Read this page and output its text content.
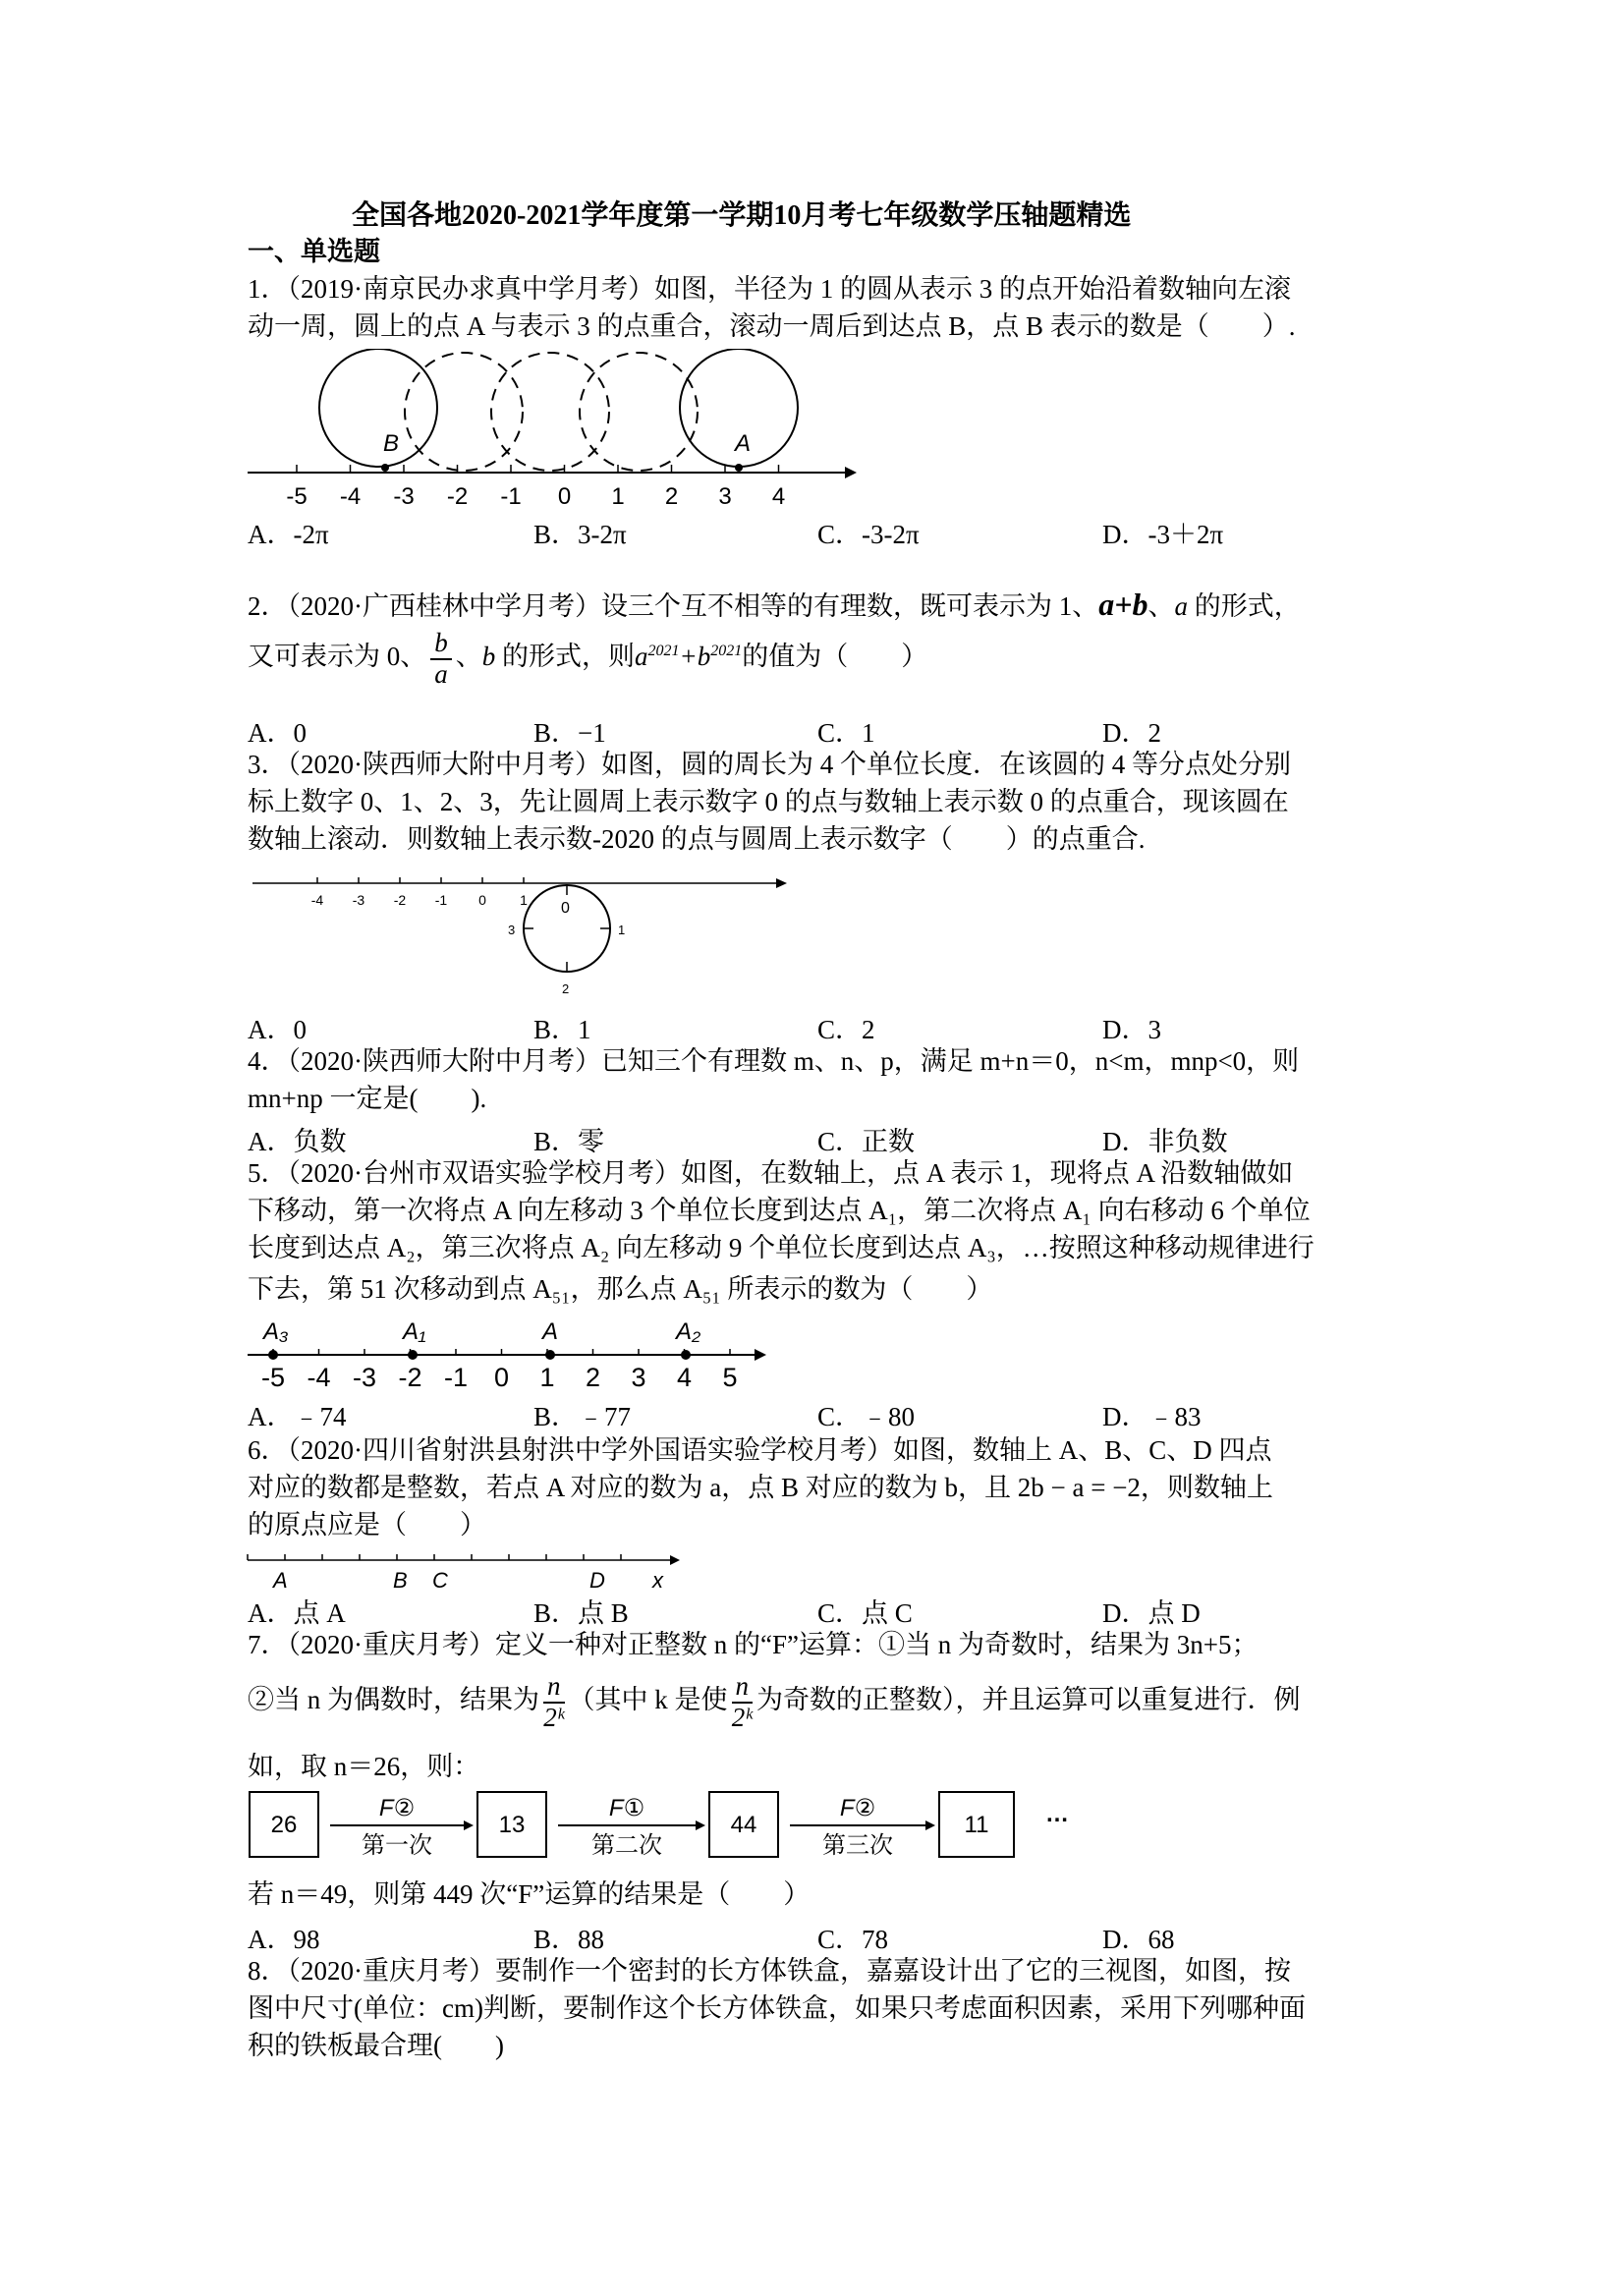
全国各地2020-2021学年度第一学期10月考七年级数学压轴题精选
一、单选题
1．（2019·南京民办求真中学月考）如图，半径为 1 的圆从表示 3 的点开始沿着数轴向左滚
动一周，圆上的点 A 与表示 3 的点重合，滚动一周后到达点 B，点 B 表示的数是（　　）.
-5 -4 -3 -2 -1 0 1 2 3 4
B	A
A．-2π	B．3-2π	C．-3-2π	D．-3＋2π
2．（2020·广西桂林中学月考）设三个互不相等的有理数，既可表示为 1、a+b、a 的形式，
又可表示为 0、 $\frac{b}{a}$ 、b 的形式，则$a^{2021}+b^{2021}$的值为（　　）
A．0	B．−1	C．1	D．2
3．（2020·陕西师大附中月考）如图，圆的周长为 4 个单位长度．在该圆的 4 等分点处分别
标上数字 0、1、2、3，先让圆周上表示数字 0 的点与数轴上表示数 0 的点重合，现该圆在
数轴上滚动．则数轴上表示数-2020 的点与圆周上表示数字（　　）的点重合.
-4 -3 -2 -1 0 1 0
1
2
3
A．0	B．1	C．2	D．3
4．（2020·陕西师大附中月考）已知三个有理数 m、n、p，满足 m+n＝0，n<m，mnp<0，则
mn+np 一定是(　　).
A．负数	B．零	C．正数	D．非负数
5．（2020·台州市双语实验学校月考）如图，在数轴上，点 A 表示 1，现将点 A 沿数轴做如
下移动，第一次将点 A 向左移动 3 个单位长度到达点 A₁，第二次将点 A₁ 向右移动 6 个单位
长度到达点 A₂，第三次将点 A₂ 向左移动 9 个单位长度到达点 A₃，…按照这种移动规律进行
下去，第 51 次移动到点 A₅₁，那么点 A₅₁ 所表示的数为（　　）
-5 -4 -3 -2 -1 0 1 2 3 4 5
A₃	A₁	A	A₂
A．﹣74	B．﹣77	C．﹣80	D．﹣83
6．（2020·四川省射洪县射洪中学外国语实验学校月考）如图，数轴上 A、B、C、D 四点
对应的数都是整数，若点 A 对应的数为 a，点 B 对应的数为 b，且 2b − a = −2，则数轴上
的原点应是（　　）
A	B C	D x
A．点 A	B．点 B	C．点 C	D．点 D
7．（2020·重庆月考）定义一种对正整数 n 的“F”运算：①当 n 为奇数时，结果为 3n+5；
②当 n 为偶数时，结果为 $\frac{n}{\text{2ᵏ}}$ （其中 k 是使 $\frac{n}{\text{2ᵏ}}$ 为奇数的正整数），并且运算可以重复进行．例
如，取 n＝26，则：
26	13	44	11
F②
第一次
F①
第二次
F②
第三次
…
若 n＝49，则第 449 次“F”运算的结果是（　　）
A．98	B．88	C．78	D．68
8．（2020·重庆月考）要制作一个密封的长方体铁盒，嘉嘉设计出了它的三视图，如图，按
图中尺寸(单位：cm)判断，要制作这个长方体铁盒，如果只考虑面积因素，采用下列哪种面
积的铁板最合理(　　)
